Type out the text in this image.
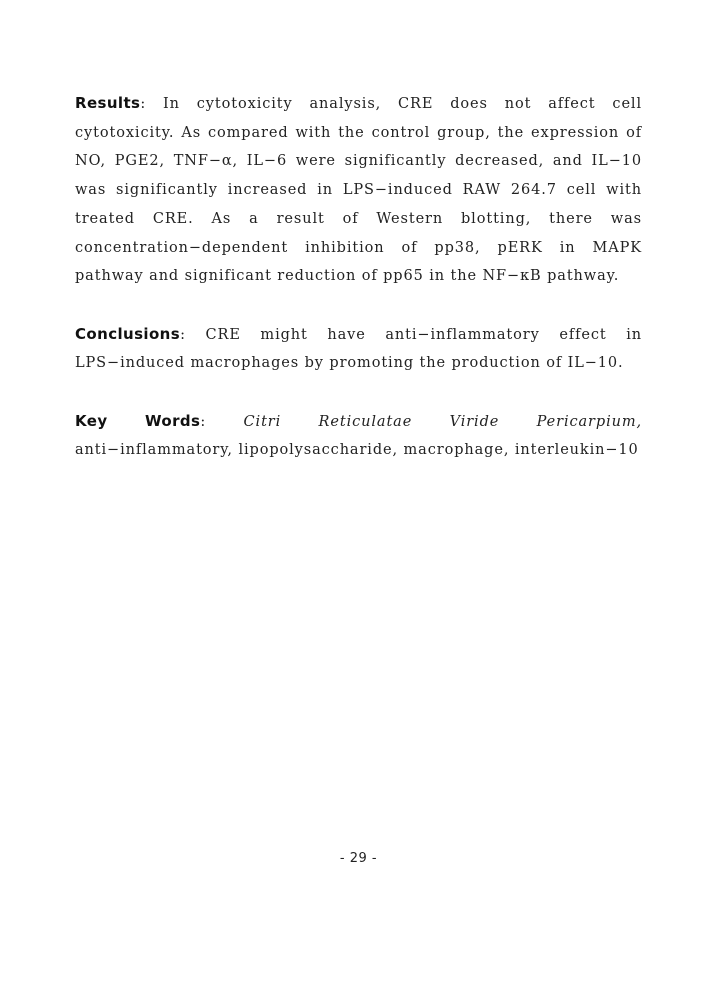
Results: In cytotoxicity analysis, CRE does not affect cell cytotoxicity. As compared with the control group, the expression of NO, PGE2, TNF−α, IL−6 were significantly decreased, and IL−10 was significantly increased in LPS−induced RAW 264.7 cell with treated CRE. As a result of Western blotting, there was concentration−dependent inhibition of pp38, pERK in MAPK pathway and significant reduction of pp65 in the NF−κB pathway.

Conclusions: CRE might have anti−inflammatory effect in LPS−induced macrophages by promoting the production of IL−10.

Key Words: Citri Reticulatae Viride Pericarpium, anti−inflammatory, lipopolysaccharide, macrophage, interleukin−10

- 29 -
